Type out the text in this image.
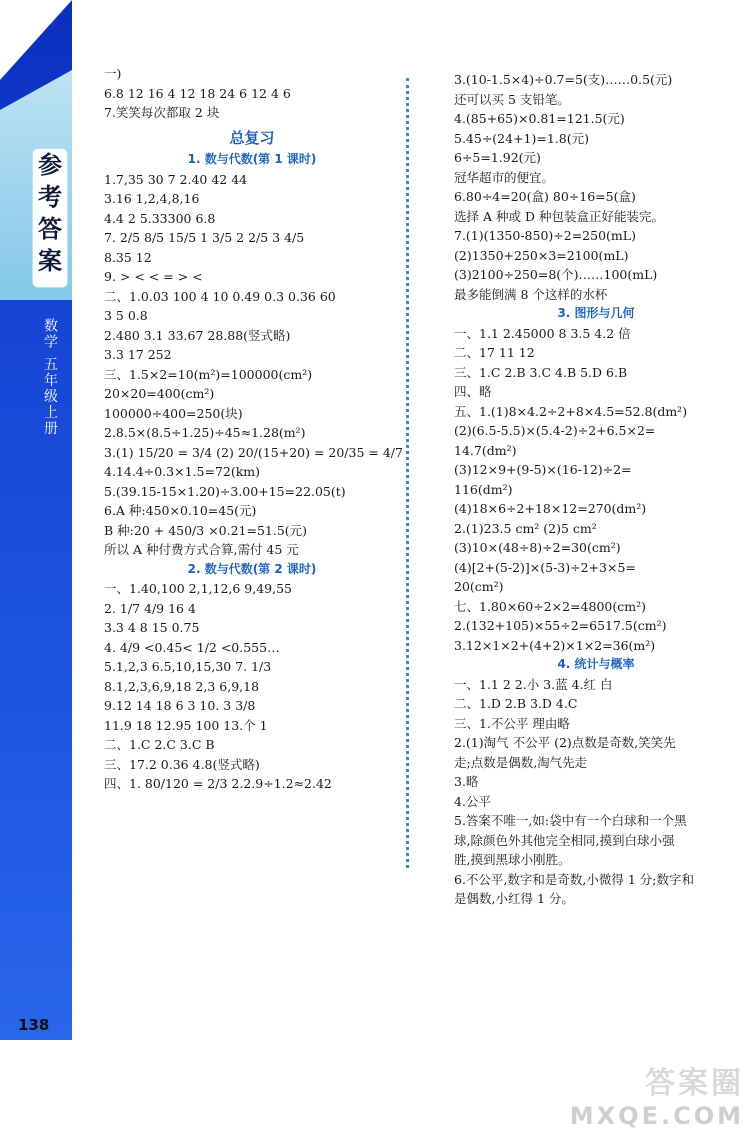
参
考
答
案
数学 五年级上册
138

一)

6.8 12 16 4 12 18 24 6 12 4 6

7.笑笑每次都取 2 块

总复习
1. 数与代数(第 1 课时)

1.7,35 30 7 2.40 42 44

3.16 1,2,4,8,16

4.4 2 5.33300 6.8

7. 2/5 8/5 15/5 1 3/5 2 2/5 3 4/5

8.35 12

9. > < < = > <

二、1.0.03 100 4 10 0.49 0.3 0.36 60

3 5 0.8

2.480 3.1 33.67 28.88(竖式略)

3.3 17 252

三、1.5×2=10(m²)=100000(cm²)

20×20=400(cm²)

100000÷400=250(块)

2.8.5×(8.5÷1.25)÷45≈1.28(m²)

3.(1) 15/20 = 3/4 (2) 20/(15+20) = 20/35 = 4/7

4.14.4÷0.3×1.5=72(km)

5.(39.15-15×1.20)÷3.00+15=22.05(t)

6.A 种:450×0.10=45(元)

B 种:20 + 450/3 ×0.21=51.5(元)

所以 A 种付费方式合算,需付 45 元

2. 数与代数(第 2 课时)

一、1.40,100 2,1,12,6 9,49,55

2. 1/7 4/9 16 4

3.3 4 8 15 0.75

4. 4/9 <0.45< 1/2 <0.555…

5.1,2,3 6.5,10,15,30 7. 1/3

8.1,2,3,6,9,18 2,3 6,9,18

9.12 14 18 6 3 10. 3 3/8

11.9 18 12.95 100 13.个 1

二、1.C 2.C 3.C B

三、17.2 0.36 4.8(竖式略)

四、1. 80/120 = 2/3 2.2.9÷1.2≈2.42

3.(10-1.5×4)÷0.7=5(支)……0.5(元)

还可以买 5 支铅笔。

4.(85+65)×0.81=121.5(元)

5.45÷(24+1)=1.8(元)

6÷5=1.92(元)

冠华超市的便宜。

6.80÷4=20(盒) 80÷16=5(盒)

选择 A 种或 D 种包装盒正好能装完。

7.(1)(1350-850)÷2=250(mL)

(2)1350+250×3=2100(mL)

(3)2100÷250=8(个)……100(mL)

最多能倒满 8 个这样的水杯

3. 图形与几何

一、1.1 2.45000 8 3.5 4.2 倍

二、17 11 12

三、1.C 2.B 3.C 4.B 5.D 6.B

四、略

五、1.(1)8×4.2÷2+8×4.5=52.8(dm²)

(2)(6.5-5.5)×(5.4-2)÷2+6.5×2=

14.7(dm²)

(3)12×9+(9-5)×(16-12)÷2=

116(dm²)

(4)18×6÷2+18×12=270(dm²)

2.(1)23.5 cm² (2)5 cm²

(3)10×(48÷8)÷2=30(cm²)

(4)[2+(5-2)]×(5-3)÷2+3×5=

20(cm²)

七、1.80×60÷2×2=4800(cm²)

2.(132+105)×55÷2=6517.5(cm²)

3.12×1×2+(4+2)×1×2=36(m²)

4. 统计与概率

一、1.1 2 2.小 3.蓝 4.红 白

二、1.D 2.B 3.D 4.C

三、1.不公平 理由略

2.(1)淘气 不公平 (2)点数是奇数,笑笑先

走;点数是偶数,淘气先走

3.略

4.公平

5.答案不唯一,如:袋中有一个白球和一个黑

球,除颜色外其他完全相同,摸到白球小强

胜,摸到黑球小刚胜。

6.不公平,数字和是奇数,小微得 1 分;数字和

是偶数,小红得 1 分。

答案圈
MXQE.COM
